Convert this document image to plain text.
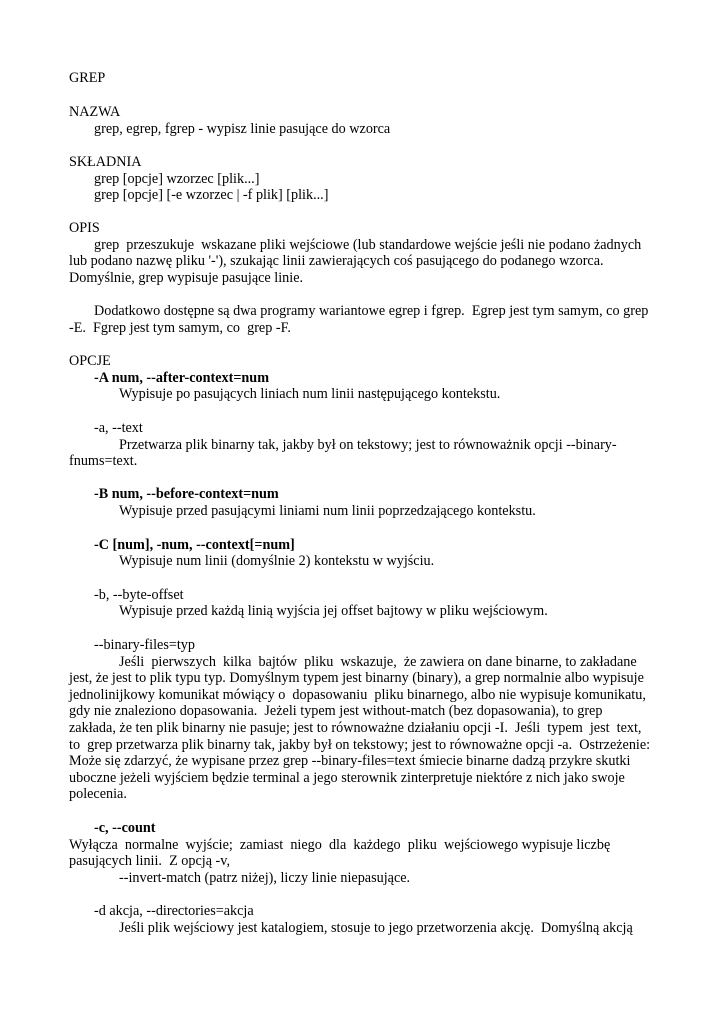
GREP
NAZWA
grep, egrep, fgrep - wypisz linie pasujące do wzorca
SKŁADNIA
grep [opcje] wzorzec [plik...]
grep [opcje] [-e wzorzec | -f plik] [plik...]
OPIS
grep  przeszukuje  wskazane pliki wejściowe (lub standardowe wejście jeśli nie podano żadnych
lub podano nazwę pliku '-'), szukając linii zawierających coś pasującego do podanego wzorca.
Domyślnie, grep wypisuje pasujące linie.
Dodatkowo dostępne są dwa programy wariantowe egrep i fgrep.  Egrep jest tym samym, co grep
-E.  Fgrep jest tym samym, co  grep -F.
OPCJE
-A num, --after-context=num
Wypisuje po pasujących liniach num linii następującego kontekstu.
-a, --text
Przetwarza plik binarny tak, jakby był on tekstowy; jest to równoważnik opcji --binary-
fnums=text.
-B num, --before-context=num
Wypisuje przed pasującymi liniami num linii poprzedzającego kontekstu.
-C [num], -num, --context[=num]
Wypisuje num linii (domyślnie 2) kontekstu w wyjściu.
-b, --byte-offset
Wypisuje przed każdą linią wyjścia jej offset bajtowy w pliku wejściowym.
--binary-files=typ
Jeśli  pierwszych  kilka  bajtów  pliku  wskazuje,  że zawiera on dane binarne, to zakładane
jest, że jest to plik typu typ. Domyślnym typem jest binarny (binary), a grep normalnie albo wypisuje
jednolinijkowy komunikat mówiący o  dopasowaniu  pliku binarnego, albo nie wypisuje komunikatu,
gdy nie znaleziono dopasowania.  Jeżeli typem jest without-match (bez dopasowania), to grep
zakłada, że ten plik binarny nie pasuje; jest to równoważne działaniu opcji -I.  Jeśli  typem  jest  text,
to  grep przetwarza plik binarny tak, jakby był on tekstowy; jest to równoważne opcji -a.  Ostrzeżenie:
Może się zdarzyć, że wypisane przez grep --binary-files=text śmiecie binarne dadzą przykre skutki
uboczne jeżeli wyjściem będzie terminal a jego sterownik zinterpretuje niektóre z nich jako swoje
polecenia.
-c, --count
Wyłącza  normalne  wyjście;  zamiast  niego  dla  każdego  pliku  wejściowego wypisuje liczbę
pasujących linii.  Z opcją -v,
--invert-match (patrz niżej), liczy linie niepasujące.
-d akcja, --directories=akcja
Jeśli plik wejściowy jest katalogiem, stosuje to jego przetworzenia akcję.  Domyślną akcją
